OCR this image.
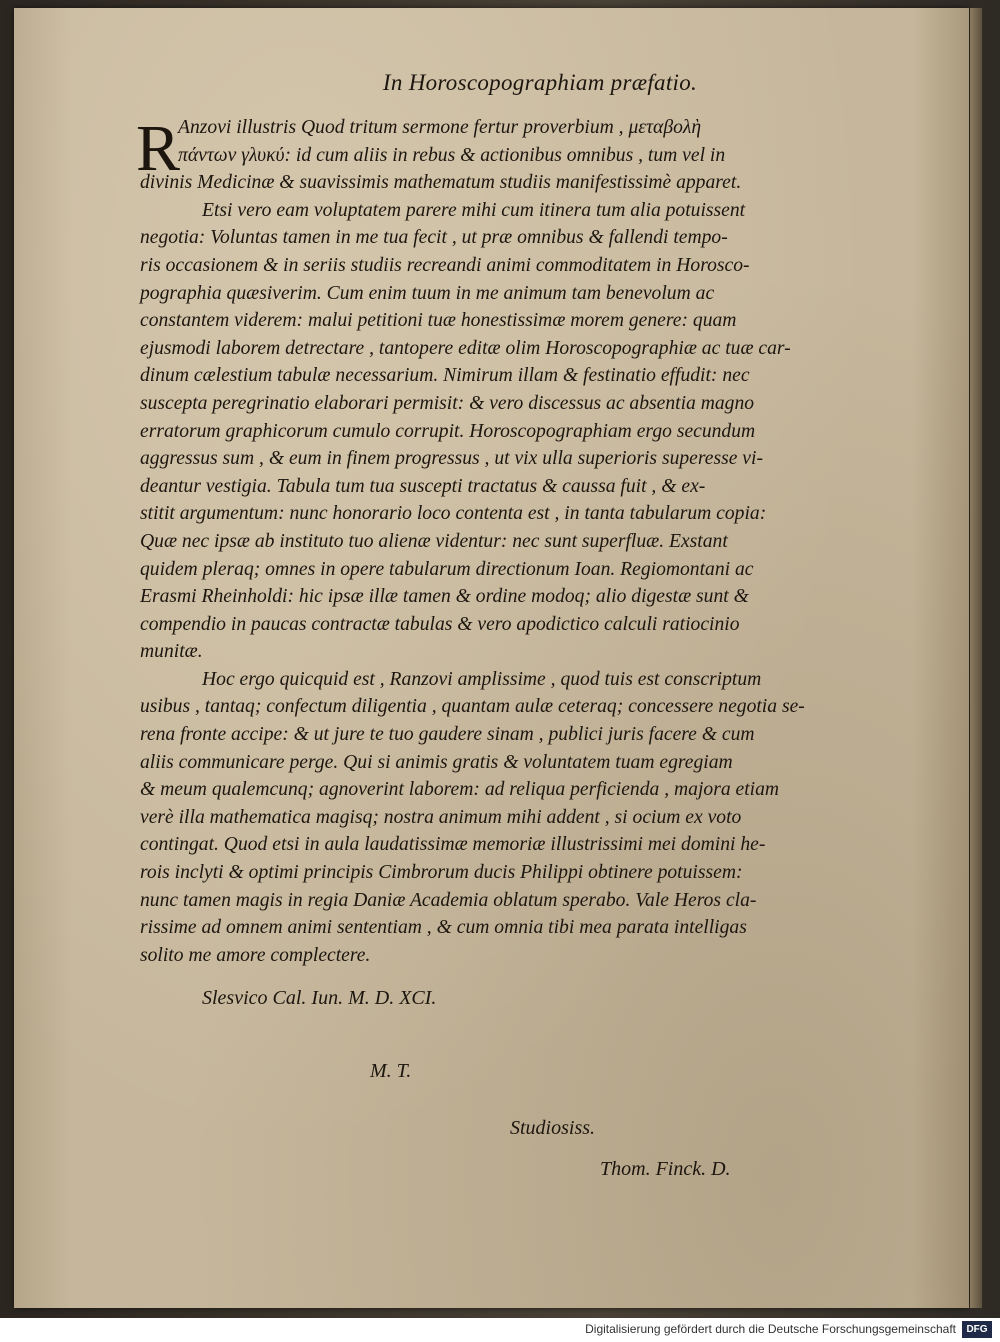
In Horoscopographiam præfatio.
R
Anzovi illustris Quod tritum sermone fertur proverbium , μεταβολὴ
πάντων γλυκύ: id cum aliis in rebus & actionibus omnibus , tum vel in
divinis Medicinæ & suavissimis mathematum studiis manifestissimè apparet.
Etsi vero eam voluptatem parere mihi cum itinera tum alia potuissent
negotia: Voluntas tamen in me tua fecit , ut præ omnibus & fallendi tempo-
ris occasionem & in seriis studiis recreandi animi commoditatem in Horosco-
pographia quæsiverim. Cum enim tuum in me animum tam benevolum ac
constantem viderem: malui petitioni tuæ honestissimæ morem genere: quam
ejusmodi laborem detrectare , tantopere editæ olim Horoscopographiæ ac tuæ car-
dinum cælestium tabulæ necessarium. Nimirum illam & festinatio effudit: nec
suscepta peregrinatio elaborari permisit: & vero discessus ac absentia magno
erratorum graphicorum cumulo corrupit. Horoscopographiam ergo secundum
aggressus sum , & eum in finem progressus , ut vix ulla superioris superesse vi-
deantur vestigia. Tabula tum tua suscepti tractatus & caussa fuit , & ex-
stitit argumentum: nunc honorario loco contenta est , in tanta tabularum copia:
Quæ nec ipsæ ab instituto tuo alienæ videntur: nec sunt superfluæ. Exstant
quidem pleraq; omnes in opere tabularum directionum Ioan. Regiomontani ac
Erasmi Rheinholdi: hic ipsæ illæ tamen & ordine modoq; alio digestæ sunt &
compendio in paucas contractæ tabulas & vero apodictico calculi ratiocinio
munitæ.
Hoc ergo quicquid est , Ranzovi amplissime , quod tuis est conscriptum
usibus , tantaq; confectum diligentia , quantam aulæ ceteraq; concessere negotia se-
rena fronte accipe: & ut jure te tuo gaudere sinam , publici juris facere & cum
aliis communicare perge. Qui si animis gratis & voluntatem tuam egregiam
& meum qualemcunq; agnoverint laborem: ad reliqua perficienda , majora etiam
verè illa mathematica magisq; nostra animum mihi addent , si ocium ex voto
contingat. Quod etsi in aula laudatissimæ memoriæ illustrissimi mei domini he-
rois inclyti & optimi principis Cimbrorum ducis Philippi obtinere potuissem:
nunc tamen magis in regia Daniæ Academia oblatum sperabo. Vale Heros cla-
rissime ad omnem animi sententiam , & cum omnia tibi mea parata intelligas
solito me amore complectere.
Slesvico Cal. Iun. M. D. XCI.
M. T.
Studiosiss.
Thom. Finck. D.
Digitalisierung gefördert durch die Deutsche Forschungsgemeinschaft	DFG
